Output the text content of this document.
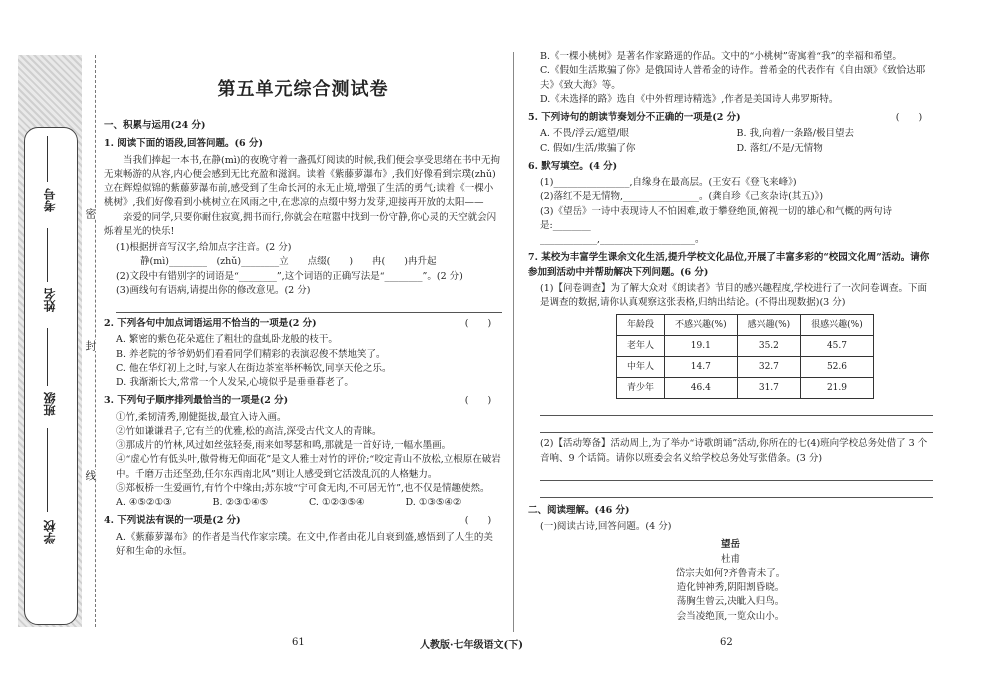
学校
班级
姓名
考号
线
封
密
第五单元综合测试卷
一、积累与运用(24 分)
1. 阅读下面的语段,回答问题。(6 分)

当我们捧起一本书,在静(mì)的夜晚守着一盏孤灯阅读的时候,我们便会享受思绪在书中无拘无束畅游的从容,内心便会感到无比充盈和滋润。读着《紫藤萝瀑布》,我们好像看到宗璞(zhǔ)立在辉煌似锦的紫藤萝瀑布前,感受到了生命长河的永无止境,增强了生活的勇气;读着《一棵小桃树》,我们好像看到小桃树立在风雨之中,在悲凉的点缀中努力发芽,迎接再开放的太阳——

亲爱的同学,只要你耐住寂寞,拥书而行,你就会在喧嚣中找到一份守静,你心灵的天空就会闪烁着星光的快乐!

(1)根据拼音写汉字,给加点字注音。(2 分)

静(mì)________　(zhǔ)________立　　点缀(　　)　　冉(　　)冉升起

(2)文段中有错别字的词语是“________”,这个词语的正确写法是“________”。(2 分)

(3)画线句有语病,请提出你的修改意见。(2 分)

2. 下列各句中加点词语运用不恰当的一项是(2 分)	(　　)

A. 繁密的紫色花朵遮住了粗壮的盘虬卧龙般的枝干。

B. 养老院的爷爷奶奶们看看同学们精彩的表演忍俊不禁地笑了。

C. 他在华灯初上之时,与家人在街边茶室举杯畅饮,同享天伦之乐。

D. 我渐渐长大,常常一个人发呆,心境似乎是垂垂暮老了。

3. 下列句子顺序排列最恰当的一项是(2 分)	(　　)

①竹,柔韧清秀,刚健挺拔,最宜入诗入画。

②竹如谦谦君子,它有兰的优雅,松的高洁,深受古代文人的青睐。

③那成片的竹林,风过如丝弦轻奏,雨来如琴瑟和鸣,那就是一首好诗,一幅水墨画。

④“虚心竹有低头叶,傲骨梅无仰面花”是文人雅士对竹的评价;“咬定青山不放松,立根原在破岩中。千磨万击还坚劲,任尔东西南北风”则让人感受到它活泼乱沉的人格魅力。

⑤郑板桥一生爱画竹,有竹个中缘由;苏东坡“宁可食无肉,不可居无竹”,也不仅是情趣使然。

A. ④⑤②①③	B. ②③①④⑤	C. ①②③⑤④	D. ①③⑤④②
4. 下列说法有误的一项是(2 分)	(　　)

A.《紫藤萝瀑布》的作者是当代作家宗璞。在文中,作者由花儿自衰到盛,感悟到了人生的美好和生命的永恒。

B.《一棵小桃树》是著名作家路遥的作品。文中的“小桃树”寄寓着“我”的幸福和希望。

C.《假如生活欺骗了你》是俄国诗人普希金的诗作。普希金的代表作有《自由颂》《致恰达耶夫》《致大海》等。

D.《未选择的路》选自《中外哲理诗精选》,作者是美国诗人弗罗斯特。

5. 下列诗句的朗读节奏划分不正确的一项是(2 分)	(　　)
A. 不畏/浮云/遮望/眼	B. 我,向着/一条路/极目望去
C. 假如/生活/欺骗了你	D. 落红/不是/无情物
6. 默写填空。(4 分)

(1)________________,自缘身在最高层。(王安石《登飞来峰》)

(2)落红不是无情物,________________。(龚自珍《己亥杂诗(其五)》)

(3)《望岳》一诗中表现诗人不怕困难,敢于攀登绝顶,俯视一切的雄心和气概的两句诗是:________

____________,____________________。

7. 某校为丰富学生课余文化生活,提升学校文化品位,开展了丰富多彩的“校园文化周”活动。请你参加到活动中并帮助解决下列问题。(6 分)

(1)【问卷调查】为了解大众对《朗读者》节目的感兴趣程度,学校进行了一次问卷调查。下面是调查的数据,请你认真观察这张表格,归纳出结论。(不得出现数据)(3 分)

年龄段	不感兴趣(%)	感兴趣(%)	很感兴趣(%)
老年人	19.1	35.2	45.7
中年人	14.7	32.7	52.6
青少年	46.4	31.7	21.9

(2)【活动筹备】活动周上,为了举办“诗歌朗诵”活动,你所在的七(4)班向学校总务处借了 3 个音响、9 个话筒。请你以班委会名义给学校总务处写张借条。(3 分)

二、阅读理解。(46 分)

(一)阅读古诗,回答问题。(4 分)

望岳
杜甫
岱宗夫如何?齐鲁青未了。
造化钟神秀,阴阳割昏晓。
荡胸生曾云,决眦入归鸟。
会当凌绝顶,一览众山小。
61	人教版·七年级语文(下)	62
